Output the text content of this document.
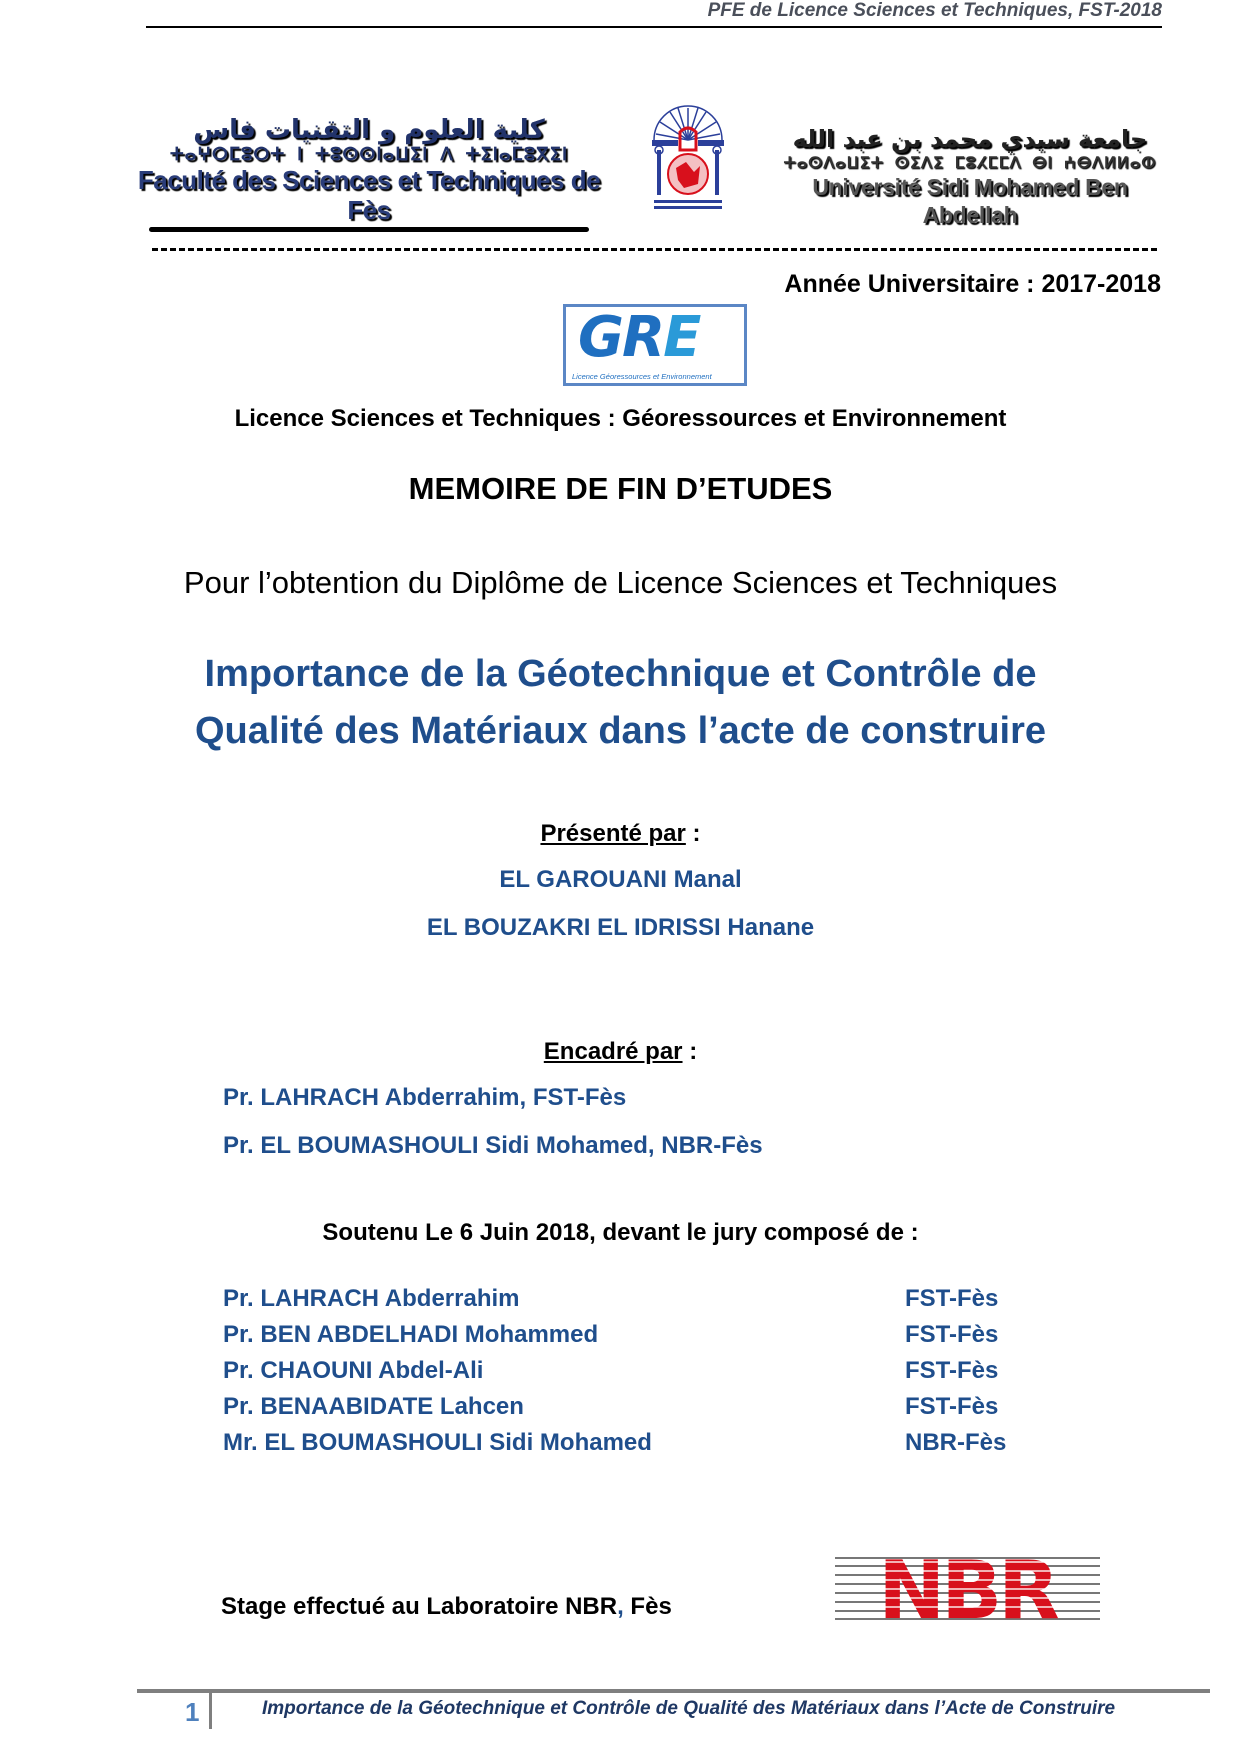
PFE de Licence Sciences et Techniques, FST-2018
كلية العلوم و التقنيات فاس
ⵜⴰⵖⵔⵎⵓⵔⵜ ⵏ ⵜⵓⵙⵙⵏⴰⵡⵉⵏ ⴷ ⵜⵉⵏⴰⵎⵓⴳⵉⵏ
Faculté des Sciences et Techniques de Fès
جامعة سيدي محمد بن عبد الله
ⵜⴰⵙⴷⴰⵡⵉⵜ ⵙⵉⴷⵉ ⵎⵓⵃⵎⵎⴷ ⴱⵏ ⵄⴱⴷⵍⵍⴰⵀ
Université Sidi Mohamed Ben Abdellah
Année Universitaire : 2017-2018
GRE
Licence Géoressources et Environnement
Licence Sciences et Techniques : Géoressources et Environnement
MEMOIRE DE FIN D’ETUDES
Pour l’obtention du Diplôme de Licence Sciences et Techniques
Importance de la Géotechnique et Contrôle de
Qualité des Matériaux dans l’acte de construire
Présenté par :
EL GAROUANI Manal
EL BOUZAKRI EL IDRISSI Hanane
Encadré par :
Pr. LAHRACH Abderrahim, FST-Fès
Pr. EL BOUMASHOULI Sidi Mohamed, NBR-Fès
Soutenu Le 6 Juin 2018, devant le jury composé de :
Pr. LAHRACH Abderrahim	FST-Fès
Pr. BEN ABDELHADI Mohammed	FST-Fès
Pr. CHAOUNI Abdel-Ali	FST-Fès
Pr. BENAABIDATE Lahcen	FST-Fès
Mr. EL BOUMASHOULI Sidi Mohamed	NBR-Fès
Stage effectué au Laboratoire NBR, Fès	NBR
1	Importance de la Géotechnique et Contrôle de Qualité des Matériaux dans l’Acte de Construire
